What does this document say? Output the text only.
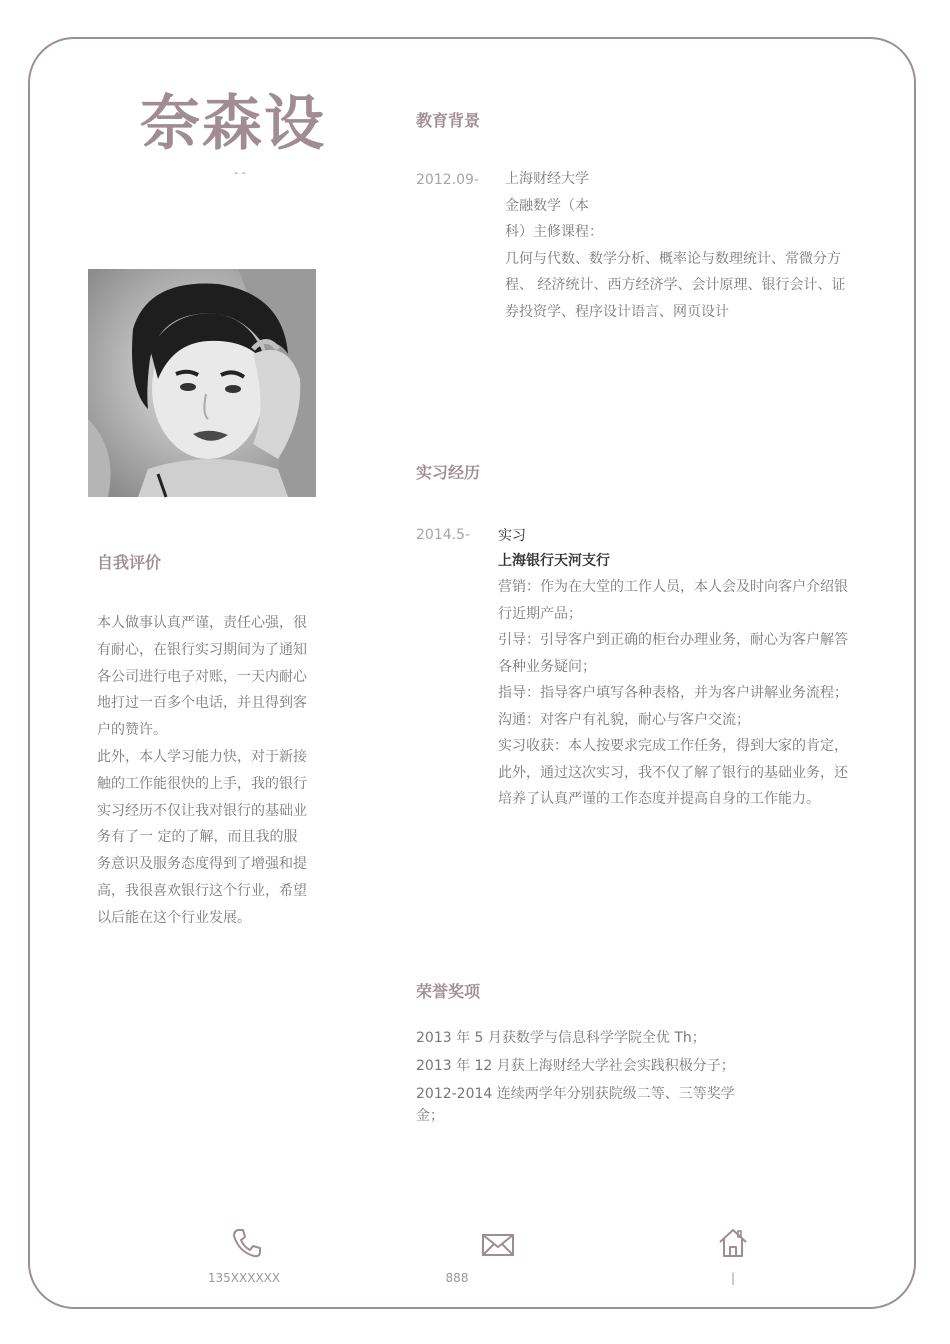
奈森设
- -
自我评价

本人做事认真严谨，责任心强，很有耐心，在银行实习期间为了通知各公司进行电子对账，一天内耐心地打过一百多个电话，并且得到客户的赞许。

此外，本人学习能力快，对于新接触的工作能很快的上手，我的银行实习经历不仅让我对银行的基础业务有了一 定的了解，而且我的服务意识及服务态度得到了增强和提高，我很喜欢银行这个行业，希望

以后能在这个行业发展。

教育背景
2012.09- 上海财经大学

金融数学（本

科）主修课程：

几何与代数、数学分析、概率论与数理统计、常微分方程、 经济统计、西方经济学、会计原理、银行会计、证券投资学、程序设计语言、网页设计

实习经历
2014.5- 实习

上海银行天河支行

营销：作为在大堂的工作人员，本人会及时向客户介绍银行近期产品；

引导：引导客户到正确的柜台办理业务，耐心为客户解答各种业务疑问；

指导：指导客户填写各种表格，并为客户讲解业务流程；沟通：对客户有礼貌，耐心与客户交流；

实习收获：本人按要求完成工作任务，得到大家的肯定，此外，通过这次实习，我不仅了解了银行的基础业务，还

培养了认真严谨的工作态度并提高自身的工作能力。

荣誉奖项

2013 年 5 月获数学与信息科学学院全优 Th；

2013 年 12 月获上海财经大学社会实践积极分子；

2012-2014 连续两学年分别获院级二等、三等奖学金；

135XXXXXX	888	|
